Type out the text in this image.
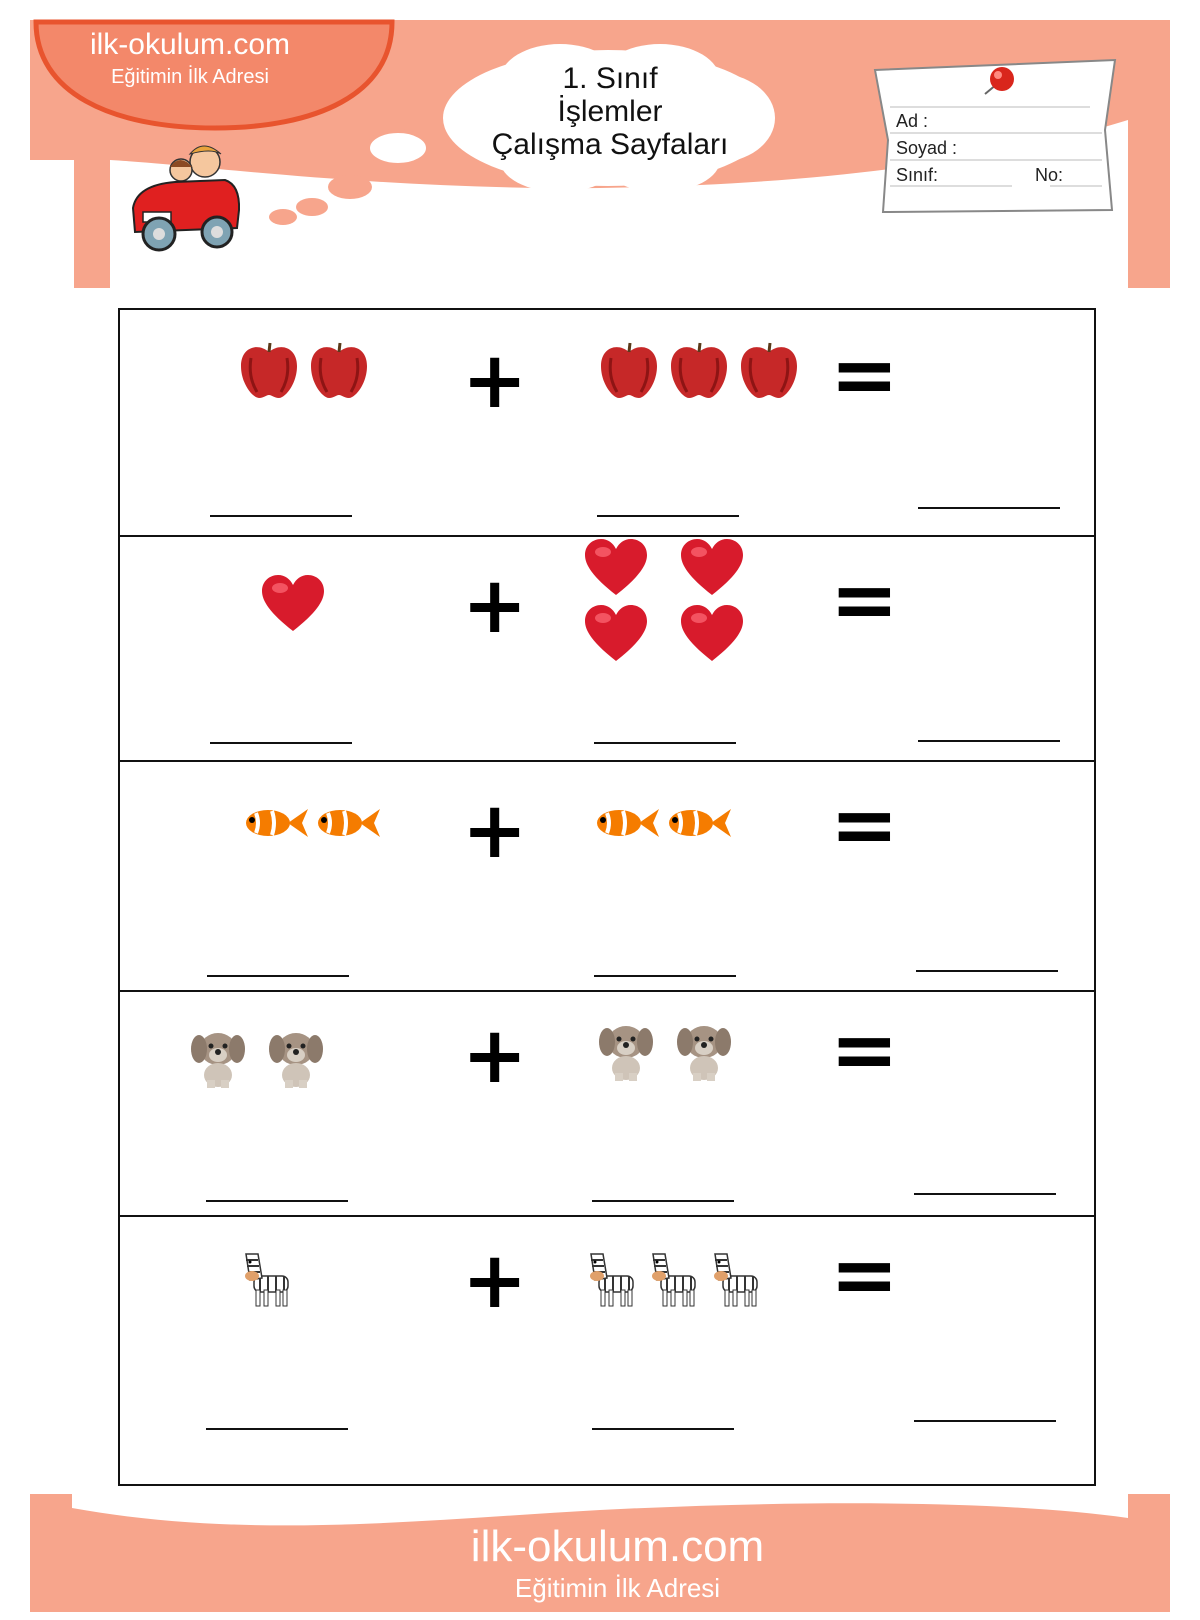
ilk-okulum.com
Eğitimin İlk Adresi	1. Sınıf
İşlemler
Çalışma Sayfaları
Ad :
Soyad :
Sınıf:	No:
+	=
+	=
+	=
+	=
+	=
ilk-okulum.com
Eğitimin İlk Adresi
